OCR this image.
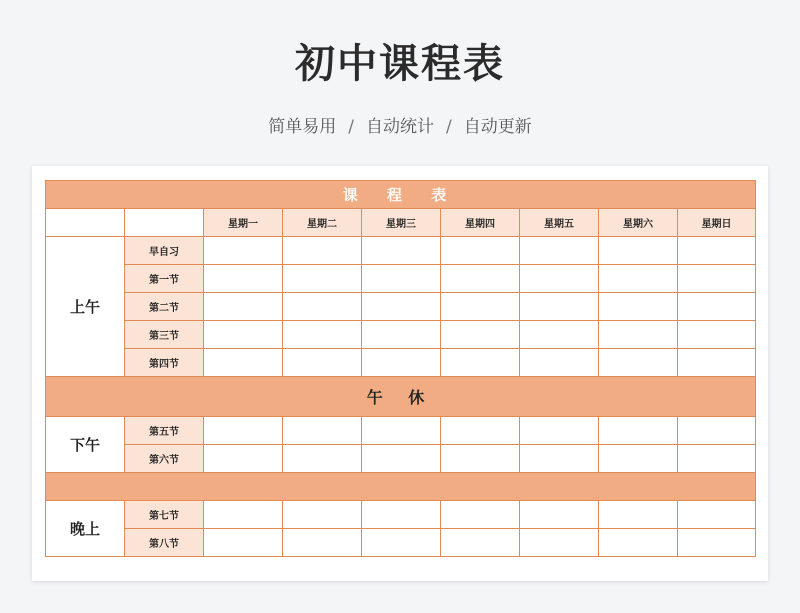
初中课程表
简单易用 / 自动统计 / 自动更新
课 程 表								
		星期一	星期二	星期三	星期四	星期五	星期六	星期日
上午	早自习							
	第一节							
	第二节							
	第三节							
	第四节							
午 休								
下午	第五节							
	第六节							

晚上	第七节							
	第八节							
